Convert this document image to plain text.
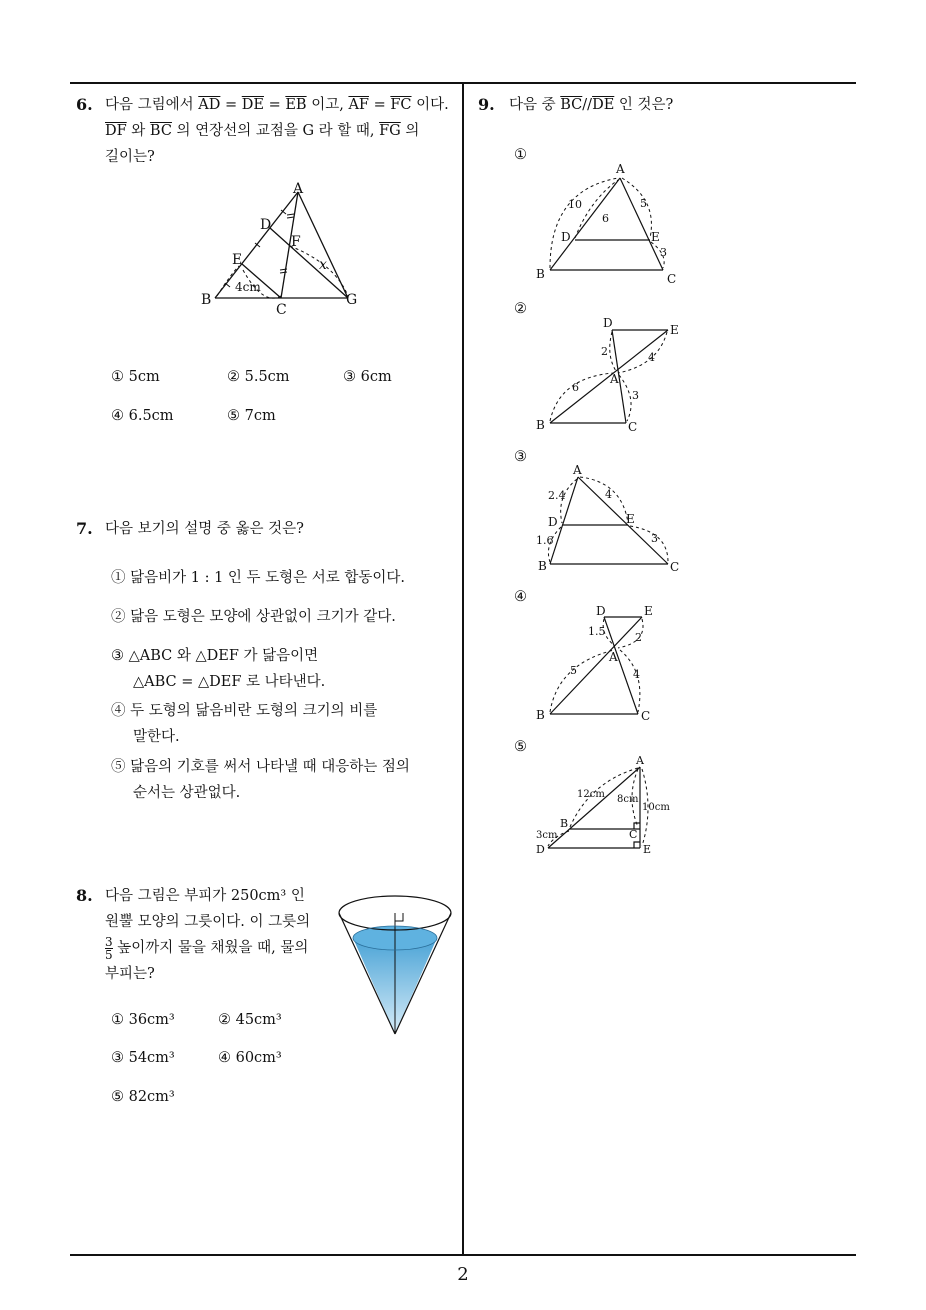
2
6. 다음 그림에서 $\overline{AD} = \overline{DE} = \overline{EB}$ 이고, $\overline{AF} = \overline{FC}$ 이다.
$\overline{DF}$ 와 $\overline{BC}$ 의 연장선의 교점을 G 라 할 때, $\overline{FG}$ 의
길이는?
A
D
F
E
B
C
G
4cm
x
① 5cm	② 5.5cm	③ 6cm
④ 6.5cm	⑤ 7cm
7. 다음 보기의 설명 중 옳은 것은?
① 닮음비가 1 : 1 인 두 도형은 서로 합동이다.
② 닮음 도형은 모양에 상관없이 크기가 같다.
③ △ABC 와 △DEF 가 닮음이면
△ABC = △DEF 로 나타낸다.
④ 두 도형의 닮음비란 도형의 크기의 비를
말한다.
⑤ 닮음의 기호를 써서 나타낼 때 대응하는 점의
순서는 상관없다.
8. 다음 그림은 부피가 250cm³ 인
원뿔 모양의 그릇이다. 이 그릇의
$\frac{3}{5}$ 높이까지 물을 채웠을 때, 물의
부피는?
① 36cm³	② 45cm³
③ 54cm³	④ 60cm³
⑤ 82cm³
9. 다음 중 $\overline{BC}//\overline{DE}$ 인 것은?
①
A
D	E
B	C
10
6
5
3
②
D	E
A
B	C
2	4
6
3
③
A
D	E
B	C
2.4	4
1.6	3
④
D	E
A
B	C
1.5	2
5	4
⑤
A
B
C
D	E
12cm 8cm
10cm
3cm
